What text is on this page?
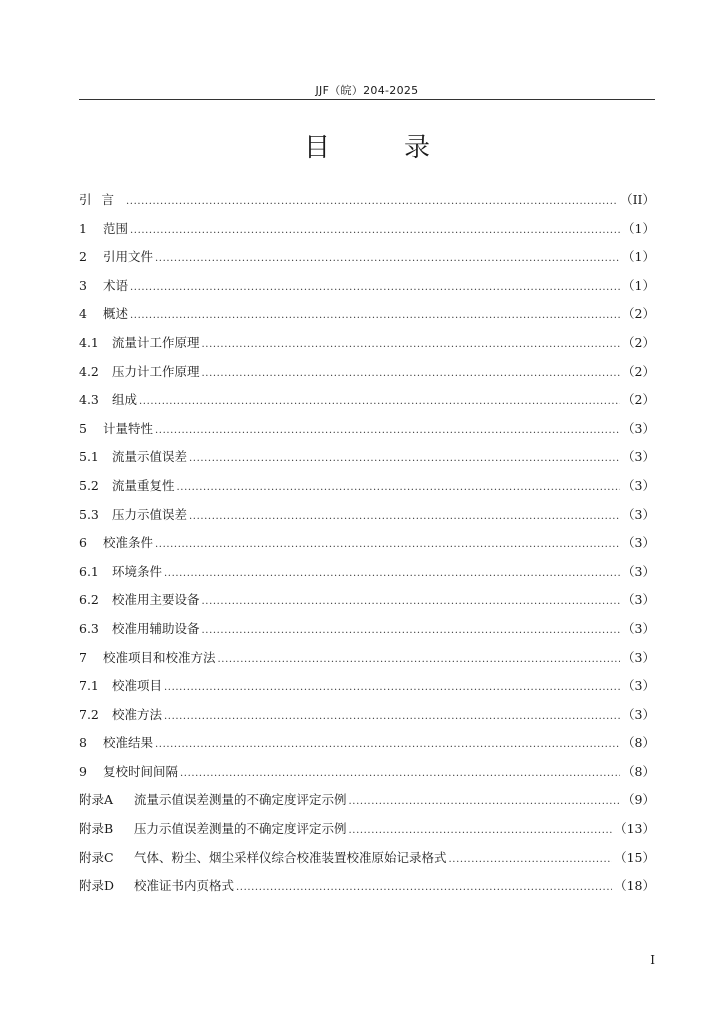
JJF（皖）204-2025
目　录
引言 .....	（II）
1	范围 .....	（1）
2	引用文件 .....	（1）
3	术语 .....	（1）
4	概述 .....	（2）
4.1	流量计工作原理 .....	（2）
4.2	压力计工作原理 .....	（2）
4.3	组成 .....	（2）
5	计量特性 .....	（3）
5.1	流量示值误差 .....	（3）
5.2	流量重复性 .....	（3）
5.3	压力示值误差 .....	（3）
6	校准条件 .....	（3）
6.1	环境条件 .....	（3）
6.2	校准用主要设备 .....	（3）
6.3	校准用辅助设备 .....	（3）
7	校准项目和校准方法 .....	（3）
7.1	校准项目 .....	（3）
7.2	校准方法 .....	（3）
8	校准结果 .....	（8）
9	复校时间间隔 .....	（8）
附录A	流量示值误差测量的不确定度评定示例 .....	（9）
附录B	压力示值误差测量的不确定度评定示例 .....	（13）
附录C	气体、粉尘、烟尘采样仪综合校准装置校准原始记录格式 .....	（15）
附录D	校准证书内页格式 .....	（18）
I
